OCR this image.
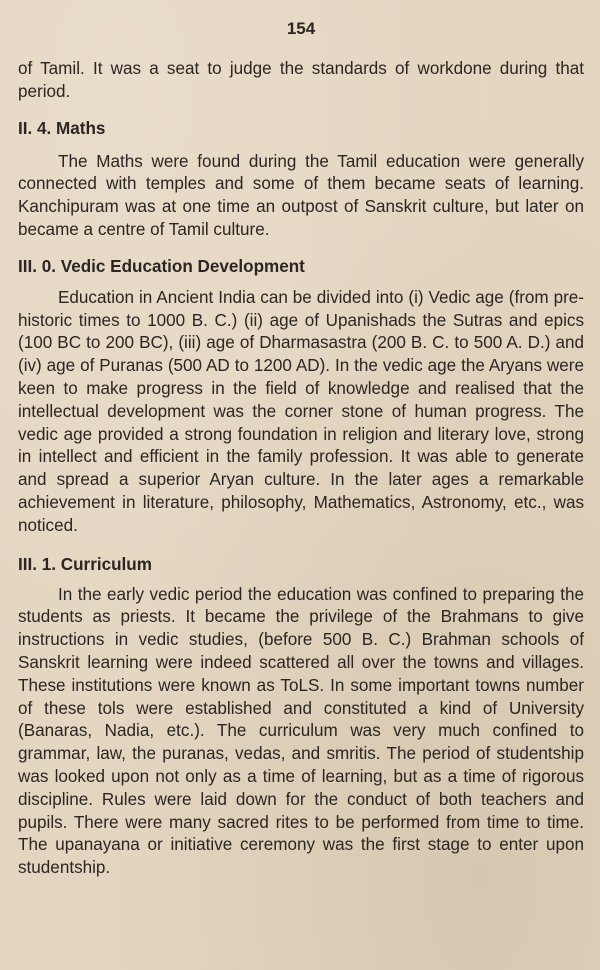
154

of Tamil. It was a seat to judge the standards of workdone during that period.

II. 4. Maths

The Maths were found during the Tamil education were generally connected with temples and some of them became seats of learning. Kanchipuram was at one time an outpost of Sanskrit culture, but later on became a centre of Tamil culture.

III. 0. Vedic Education Development

Education in Ancient India can be divided into (i) Vedic age (from pre-historic times to 1000 B. C.) (ii) age of Upanishads the Sutras and epics (100 BC to 200 BC), (iii) age of Dharmasastra (200 B. C. to 500 A. D.) and (iv) age of Puranas (500 AD to 1200 AD). In the vedic age the Aryans were keen to make progress in the field of knowledge and realised that the intellectual development was the corner stone of human progress. The vedic age provided a strong foundation in religion and literary love, strong in intellect and efficient in the family profession. It was able to generate and spread a superior Aryan culture. In the later ages a remarkable achievement in literature, philosophy, Mathematics, Astronomy, etc., was noticed.

III. 1. Curriculum

In the early vedic period the education was confined to preparing the students as priests. It became the privilege of the Brahmans to give instructions in vedic studies, (before 500 B. C.) Brahman schools of Sanskrit learning were indeed scattered all over the towns and villages. These institutions were known as ToLS. In some important towns number of these tols were established and constituted a kind of University (Banaras, Nadia, etc.). The curriculum was very much confined to grammar, law, the puranas, vedas, and smritis. The period of studentship was looked upon not only as a time of learning, but as a time of rigorous discipline. Rules were laid down for the conduct of both teachers and pupils. There were many sacred rites to be performed from time to time. The upanayana or initiative ceremony was the first stage to enter upon studentship.
